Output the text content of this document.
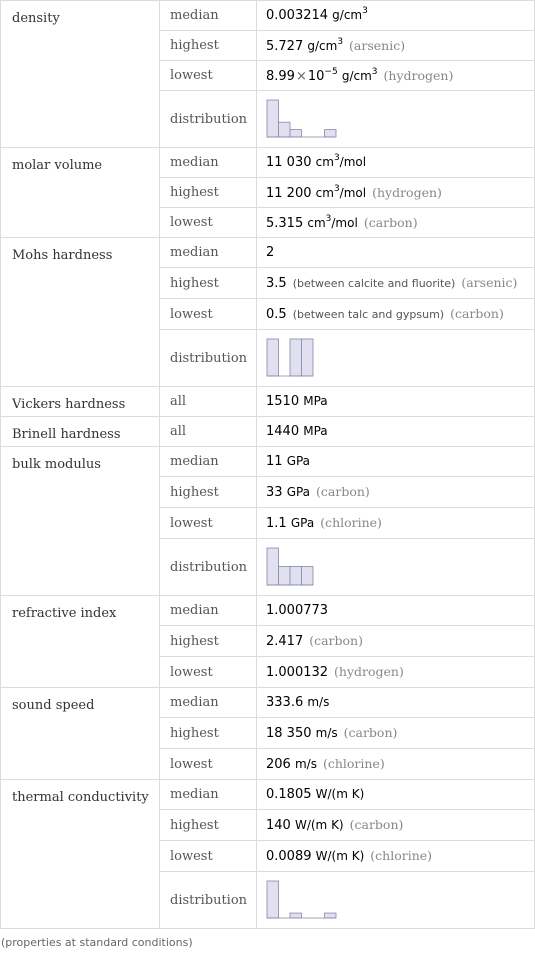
density	median	0.003214 $g/cm^3$
	highest	5.727 $g/cm^3$ (arsenic)
	lowest	$8.99\times 10^{-5}$ $g/cm^3$ (hydrogen)
	distribution	

molar volume	median	11 030 $cm^3$/mol
	highest	11 200 $cm^3$/mol (hydrogen)
	lowest	5.315 $cm^3$/mol (carbon)
Mohs hardness	median	2
	highest	3.5 (between calcite and fluorite) (arsenic)
	lowest	0.5 (between talc and gypsum) (carbon)
	distribution	

Vickers hardness	all	1510 MPa
Brinell hardness	all	1440 MPa
bulk modulus	median	11 GPa
	highest	33 GPa (carbon)
	lowest	1.1 GPa (chlorine)
	distribution	

refractive index	median	1.000773
	highest	2.417 (carbon)
	lowest	1.000132 (hydrogen)
sound speed	median	333.6 m/s
	highest	18 350 m/s (carbon)
	lowest	206 m/s (chlorine)
thermal conductivity	median	0.1805 W/(m K)
	highest	140 W/(m K) (carbon)
	lowest	0.0089 W/(m K) (chlorine)
	distribution	
(properties at standard conditions)
